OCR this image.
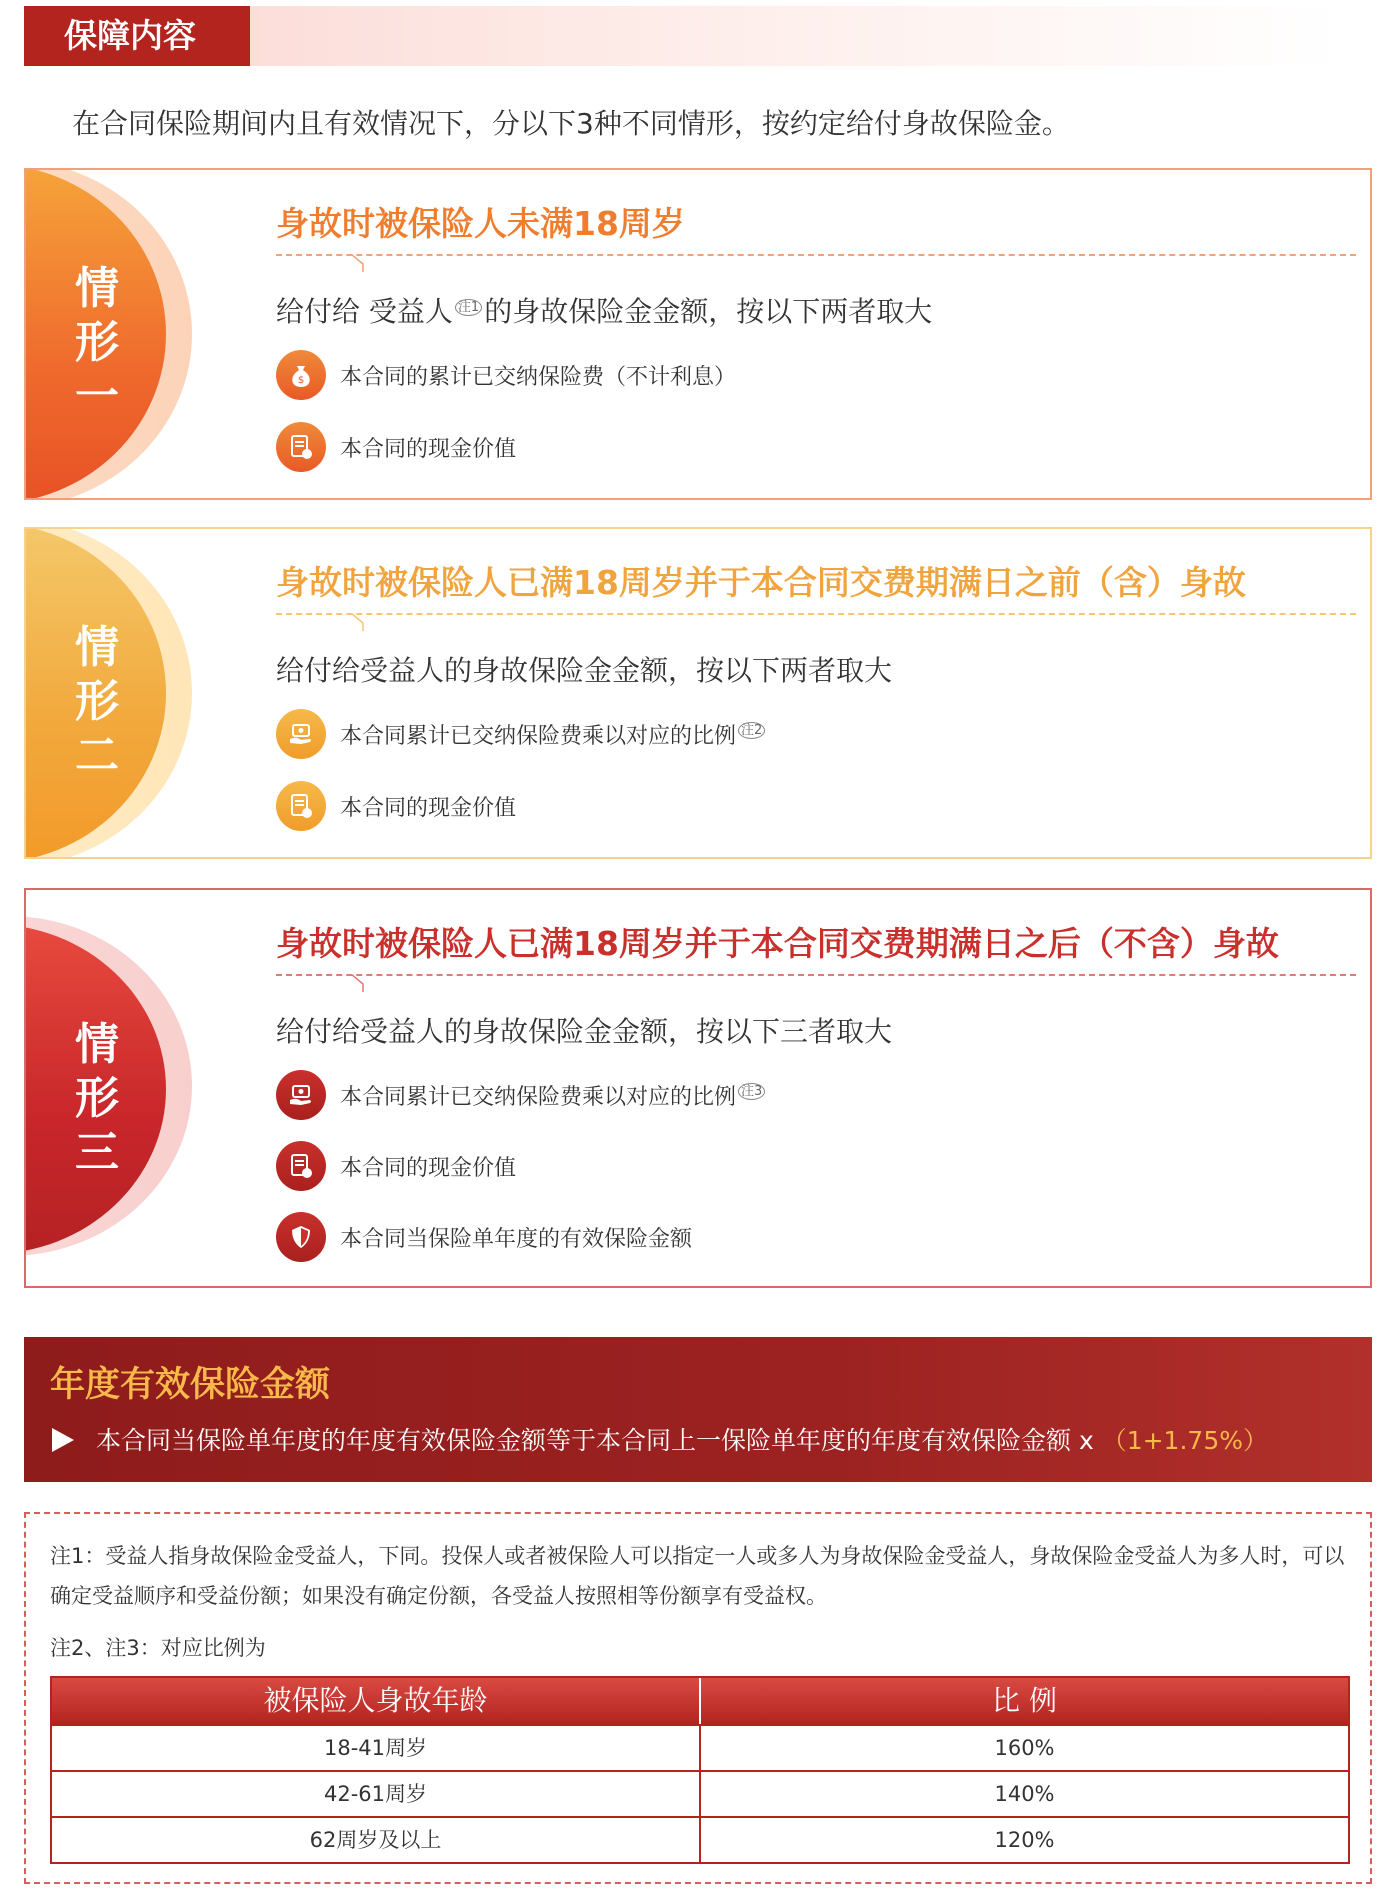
保障内容
在合同保险期间内且有效情况下，分以下3种不同情形，按约定给付身故保险金。
情
形
一
身故时被保险人未满18周岁
给付给 受益人 $^{注1}$ 的身故保险金金额，按以下两者取大
$ 本合同的累计已交纳保险费（不计利息）
本合同的现金价值
情
形
二
身故时被保险人已满18周岁并于本合同交费期满日之前（含）身故
给付给受益人的身故保险金金额，按以下两者取大
本合同累计已交纳保险费乘以对应的比例 $^{注2}$
本合同的现金价值
情
形
三
身故时被保险人已满18周岁并于本合同交费期满日之后（不含）身故
给付给受益人的身故保险金金额，按以下三者取大
本合同累计已交纳保险费乘以对应的比例 $^{注3}$
本合同的现金价值
本合同当保险单年度的有效保险金额
年度有效保险金额
本合同当保险单年度的年度有效保险金额等于本合同上一保险单年度的年度有效保险金额 x （1+1.75%）
注1：受益人指身故保险金受益人，下同。投保人或者被保险人可以指定一人或多人为身故保险金受益人，身故保险金受益人为多人时，可以确定受益顺序和受益份额；如果没有确定份额，各受益人按照相等份额享有受益权。
注2、注3：对应比例为
被保险人身故年龄	比 例
18-41周岁	160%
42-61周岁	140%
62周岁及以上	120%
